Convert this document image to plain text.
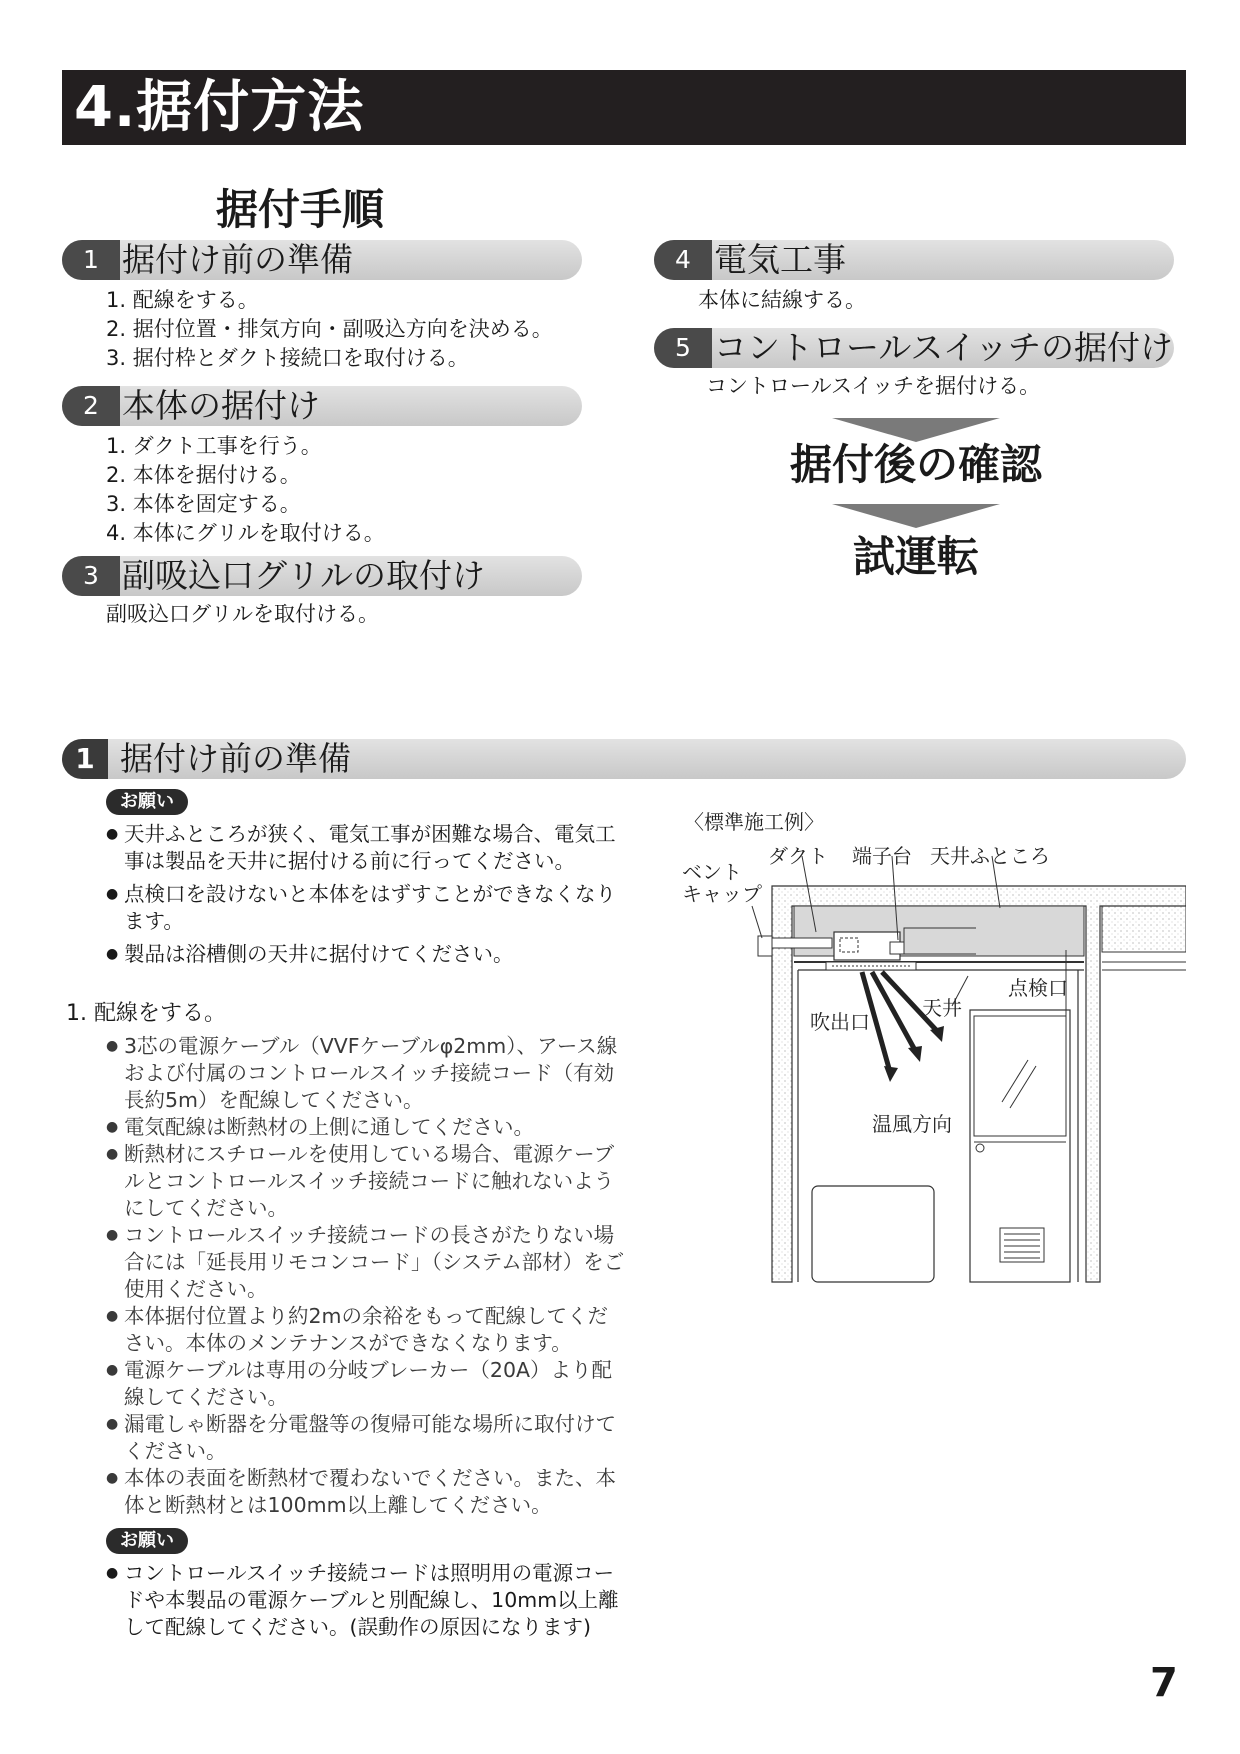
4.据付方法
据付手順
1 据付け前の準備
1. 配線をする。
2. 据付位置・排気方向・副吸込方向を決める。
3. 据付枠とダクト接続口を取付ける。
2 本体の据付け
1. ダクト工事を行う。
2. 本体を据付ける。
3. 本体を固定する。
4. 本体にグリルを取付ける。
3 副吸込口グリルの取付け
副吸込口グリルを取付ける。
4 電気工事
本体に結線する。
5 コントロールスイッチの据付け
コントロールスイッチを据付ける。
据付後の確認
試運転
1 据付け前の準備
お願い
● 天井ふところが狭く、電気工事が困難な場合、電気工事は製品を天井に据付ける前に行ってください。
● 点検口を設けないと本体をはずすことができなくなります。
● 製品は浴槽側の天井に据付けてください。
1. 配線をする。
● 3芯の電源ケーブル（VVFケーブルφ2mm）、アース線および付属のコントロールスイッチ接続コード（有効長約5m）を配線してください。
● 電気配線は断熱材の上側に通してください。
● 断熱材にスチロールを使用している場合、電源ケーブルとコントロールスイッチ接続コードに触れないようにしてください。
● コントロールスイッチ接続コードの長さがたりない場合には「延長用リモコンコード」（システム部材）をご使用ください。
● 本体据付位置より約2mの余裕をもって配線してください。本体のメンテナンスができなくなります。
● 電源ケーブルは専用の分岐ブレーカー（20A）より配線してください。
● 漏電しゃ断器を分電盤等の復帰可能な場所に取付けてください。
● 本体の表面を断熱材で覆わないでください。また、本体と断熱材とは100mm以上離してください。
お願い
● コントロールスイッチ接続コードは照明用の電源コードや本製品の電源ケーブルと別配線し、10mm以上離して配線してください。(誤動作の原因になります)
〈標準施工例〉
ダクト 端子台 天井ふところ
ベント
キャップ
点検口
天井
吹出口
温風方向
7
